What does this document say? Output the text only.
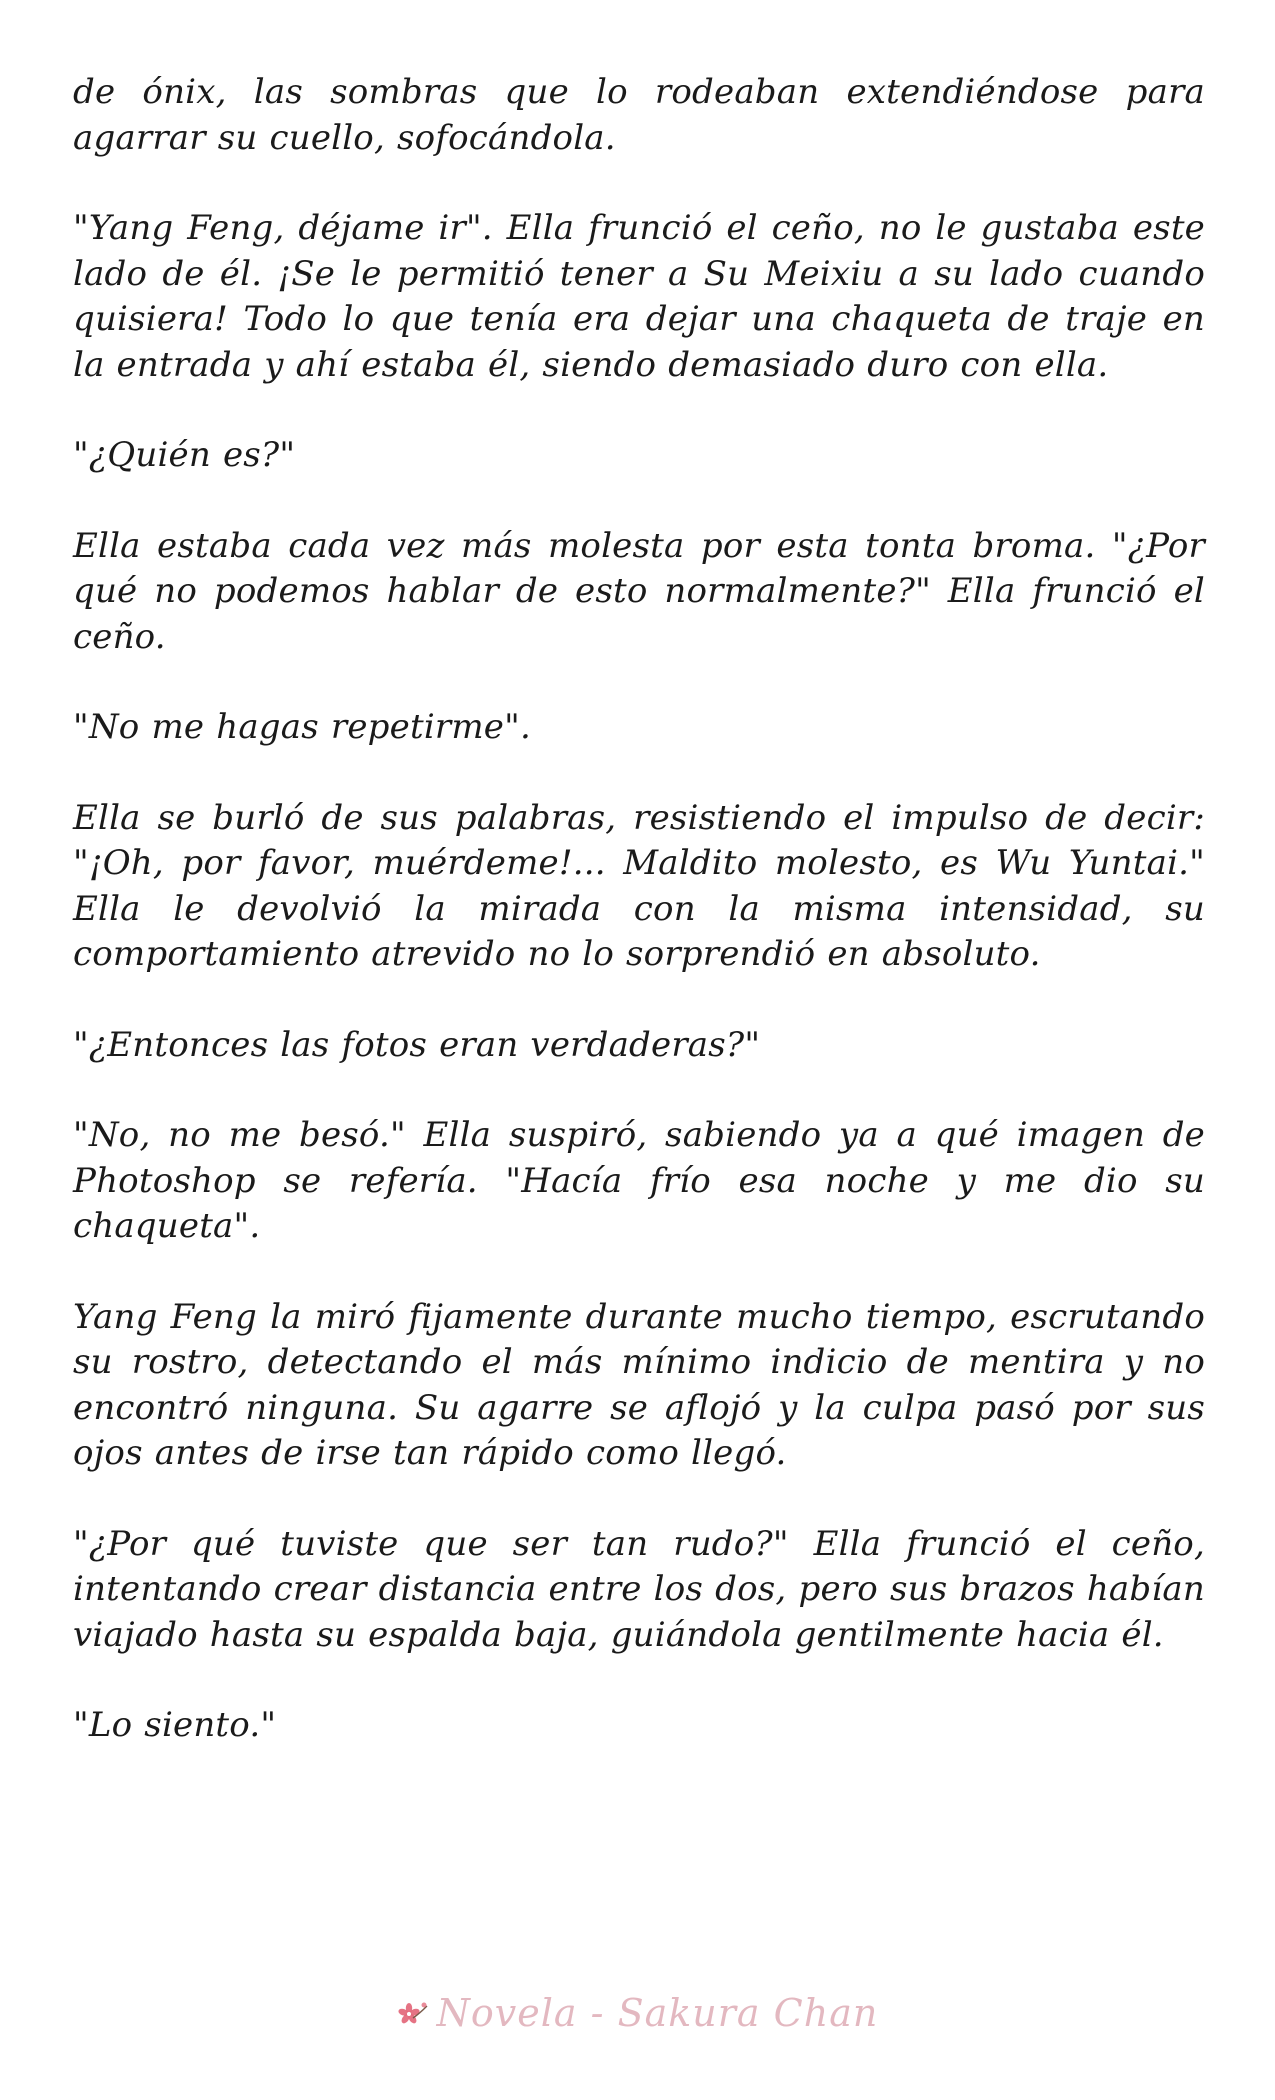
de ónix, las sombras que lo rodeaban extendiéndose para agarrar su cuello, sofocándola.

"Yang Feng, déjame ir". Ella frunció el ceño, no le gustaba este lado de él. ¡Se le permitió tener a Su Meixiu a su lado cuando quisiera! Todo lo que tenía era dejar una chaqueta de traje en la entrada y ahí estaba él, siendo demasiado duro con ella.

"¿Quién es?"

Ella estaba cada vez más molesta por esta tonta broma. "¿Por qué no podemos hablar de esto normalmente?" Ella frunció el ceño.

"No me hagas repetirme".

Ella se burló de sus palabras, resistiendo el impulso de decir: "¡Oh, por favor, muérdeme!... Maldito molesto, es Wu Yuntai." Ella le devolvió la mirada con la misma intensidad, su comportamiento atrevido no lo sorprendió en absoluto.

"¿Entonces las fotos eran verdaderas?"

"No, no me besó." Ella suspiró, sabiendo ya a qué imagen de Photoshop se refería. "Hacía frío esa noche y me dio su chaqueta".

Yang Feng la miró fijamente durante mucho tiempo, escrutando su rostro, detectando el más mínimo indicio de mentira y no encontró ninguna. Su agarre se aflojó y la culpa pasó por sus ojos antes de irse tan rápido como llegó.

"¿Por qué tuviste que ser tan rudo?" Ella frunció el ceño, intentando crear distancia entre los dos, pero sus brazos habían viajado hasta su espalda baja, guiándola gentilmente hacia él.

"Lo siento."

Novela - Sakura Chan
